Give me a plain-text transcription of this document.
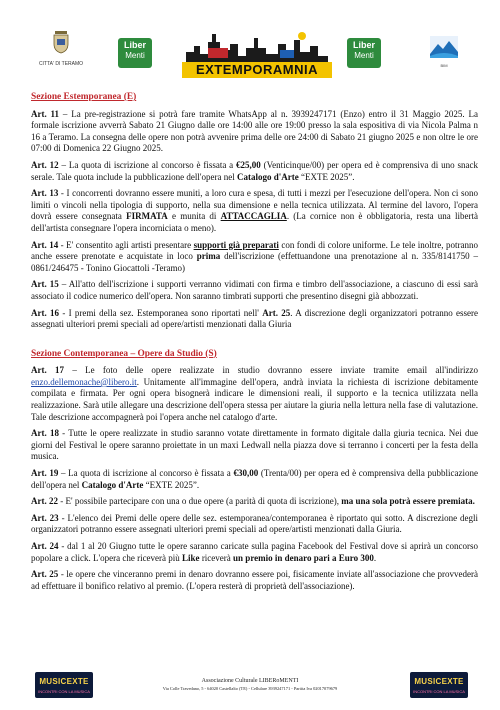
CITTA' DI TERAMO
Liber
Menti
EXTEMPORAMNIA
Liber
Menti
BIM
Sezione Estemporanea (E)

Art. 11 – La pre-registrazione si potrà fare tramite WhatsApp al n. 3939247171 (Enzo) entro il 31 Maggio 2025. La formale iscrizione avverrà Sabato 21 Giugno dalle ore 14:00 alle ore 19:00 presso la sala espositiva di via Nicola Palma n 16 a Teramo. La consegna delle opere non potrà avvenire prima delle ore 24:00 di Sabato 21 giugno 2025 e non oltre le ore 07:00 di Domenica 22 Giugno 2025.

Art. 12 – La quota di iscrizione al concorso è fissata a €25,00 (Venticinque/00) per opera ed è comprensiva di uno snack serale. Tale quota include la pubblicazione dell'opera nel Catalogo d'Arte “EXTE 2025”.

Art. 13 - I concorrenti dovranno essere muniti, a loro cura e spesa, di tutti i mezzi per l'esecuzione dell'opera. Non ci sono limiti o vincoli nella tipologia di supporto, nella sua dimensione e nella tecnica utilizzata. Al termine del lavoro, l'opera dovrà essere consegnata FIRMATA e munita di ATTACCAGLIA. (La cornice non è obbligatoria, resta una libertà dell'artista consegnare l'opera incorniciata o meno).

Art. 14 - E' consentito agli artisti presentare supporti già preparati con fondi di colore uniforme. Le tele inoltre, potranno anche essere prenotate e acquistate in loco prima dell'iscrizione (effettuandone una prenotazione al n. 335/8141750 – 0861/246475 - Tonino Giocattoli -Teramo)

Art. 15 – All'atto dell'iscrizione i supporti verranno vidimati con firma e timbro dell'associazione, a ciascuno di essi sarà associato il codice numerico dell'opera. Non saranno timbrati supporti che presentino disegni già abbozzati.

Art. 16 - I premi della sez. Estemporanea sono riportati nell' Art. 25. A discrezione degli organizzatori potranno essere assegnati ulteriori premi speciali ad opere/artisti menzionati dalla Giuria

Sezione Contemporanea – Opere da Studio (S)

Art. 17 – Le foto delle opere realizzate in studio dovranno essere inviate tramite email all'indirizzo enzo.dellemonache@libero.it. Unitamente all'immagine dell'opera, andrà inviata la richiesta di iscrizione debitamente compilata e firmata. Per ogni opera bisognerà indicare le dimensioni reali, il supporto e la tecnica utilizzata nella realizzazione. Sarà utile allegare una descrizione dell'opera stessa per aiutare la giuria nella lettura nella fase di valutazione. Tale descrizione accompagnerà poi l'opera anche nel catalogo d'arte.

Art. 18 - Tutte le opere realizzate in studio saranno votate direttamente in formato digitale dalla giuria tecnica. Nei due giorni del Festival le opere saranno proiettate in un maxi Ledwall nella piazza dove si terranno i concerti per la festa della musica.

Art. 19 – La quota di iscrizione al concorso è fissata a €30,00 (Trenta/00) per opera ed è comprensiva della pubblicazione dell'opera nel Catalogo d'Arte “EXTE 2025”.

Art. 22 - E' possibile partecipare con una o due opere (a parità di quota di iscrizione), ma una sola potrà essere premiata.

Art. 23 - L'elenco dei Premi delle opere delle sez. estemporanea/contemporanea è riportato qui sotto. A discrezione degli organizzatori potranno essere assegnati ulteriori premi speciali ad opere/artisti menzionati dalla Giuria.

Art. 24 - dal 1 al 20 Giugno tutte le opere saranno caricate sulla pagina Facebook del Festival dove si aprirà un concorso popolare a click. L'opera che riceverà più Like riceverà un premio in denaro pari a Euro 300.

Art. 25 - le opere che vinceranno premi in denaro dovranno essere poi, fisicamente inviate all'associazione che provvederà ad effettuare il bonifico relativo al premio. (L'opera resterà di proprietà dell'associazione).

MUSICEXTE
INCONTRI CON LA MUSICA
Associazione Culturale LIBERoMENTI
Via Colle Travedano, 5 - 64020 Castellalto (TE) - Cellulare 3939247171 - Partita Iva 02017079679
MUSICEXTE
INCONTRI CON LA MUSICA
